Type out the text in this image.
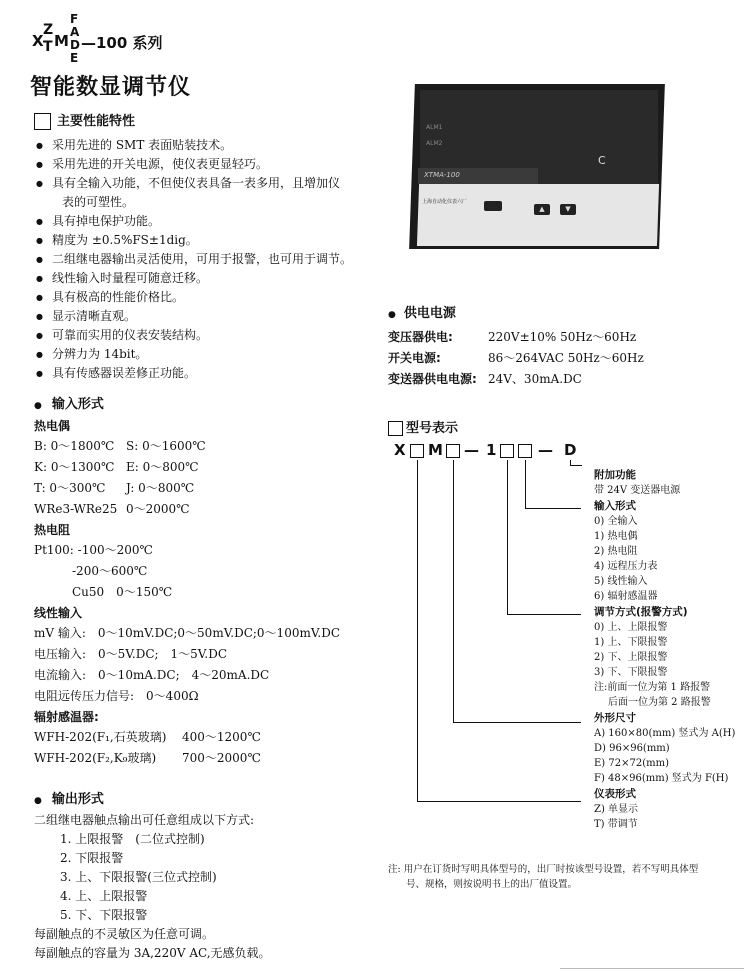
X
Z
T M
F
A
D
E
—100 系列
智能数显调节仪
主要性能特性
● 采用先进的 SMT 表面贴装技术。
● 采用先进的开关电源，使仪表更显轻巧。
● 具有全输入功能，不但使仪表具备一表多用，且增加仪
表的可塑性。
● 具有掉电保护功能。
● 精度为 ±0.5%FS±1dig。
● 二组继电器输出灵活使用，可用于报警，也可用于调节。
● 线性输入时量程可随意迁移。
● 具有极高的性能价格比。
● 显示清晰直观。
● 可靠而实用的仪表安装结构。
● 分辨力为 14bit。
● 具有传感器误差修正功能。
ALM1
ALM2
C
XTMA-100
上海自动化仪表六厂
▲	▼
● 供电电源
变压器供电:	220V±10% 50Hz～60Hz
开关电源:	86～264VAC 50Hz～60Hz
变送器供电电源: 24V、30mA.DC
● 输入形式
热电偶
B: 0～1800℃ S: 0～1600℃
K: 0～1300℃ E: 0～800℃
T: 0～300℃	J: 0～800℃
WRe3-WRe25 0～2000℃
热电阻
Pt100: -100～200℃
-200～600℃
Cu50　0～150℃
线性输入
mV 输入:　0～10mV.DC;0～50mV.DC;0～100mV.DC
电压输入:　0～5V.DC;　1～5V.DC
电流输入:　0～10mA.DC;　4～20mA.DC
电阻远传压力信号:　0～400Ω
辐射感温器:
WFH-202(F₁,石英玻璃)	400～1200℃
WFH-202(F₂,K₉玻璃)	700～2000℃
● 输出形式
二组继电器触点输出可任意组成以下方式:
1. 上限报警　(二位式控制)
2. 下限报警
3. 上、下限报警(三位式控制)
4. 上、上限报警
5. 下、下限报警
每副触点的不灵敏区为任意可调。
每副触点的容量为 3A,220V AC,无感负载。
型号表示
X M — 1	— D
附加功能
带 24V 变送器电源
输入形式
0) 全输入
1) 热电偶
2) 热电阻
4) 远程压力表
5) 线性输入
6) 辐射感温器
调节方式(报警方式)
0) 上、上限报警
1) 上、下限报警
2) 下、上限报警
3) 下、下限报警
注:前面一位为第 1 路报警
后面一位为第 2 路报警
外形尺寸
A) 160×80(mm) 竖式为 A(H)
D) 96×96(mm)
E) 72×72(mm)
F) 48×96(mm) 竖式为 F(H)
仪表形式
Z) 单显示
T) 带调节
注: 用户在订货时写明具体型号的，出厂时按该型号设置，若不写明具体型
号、规格，则按说明书上的出厂值设置。
